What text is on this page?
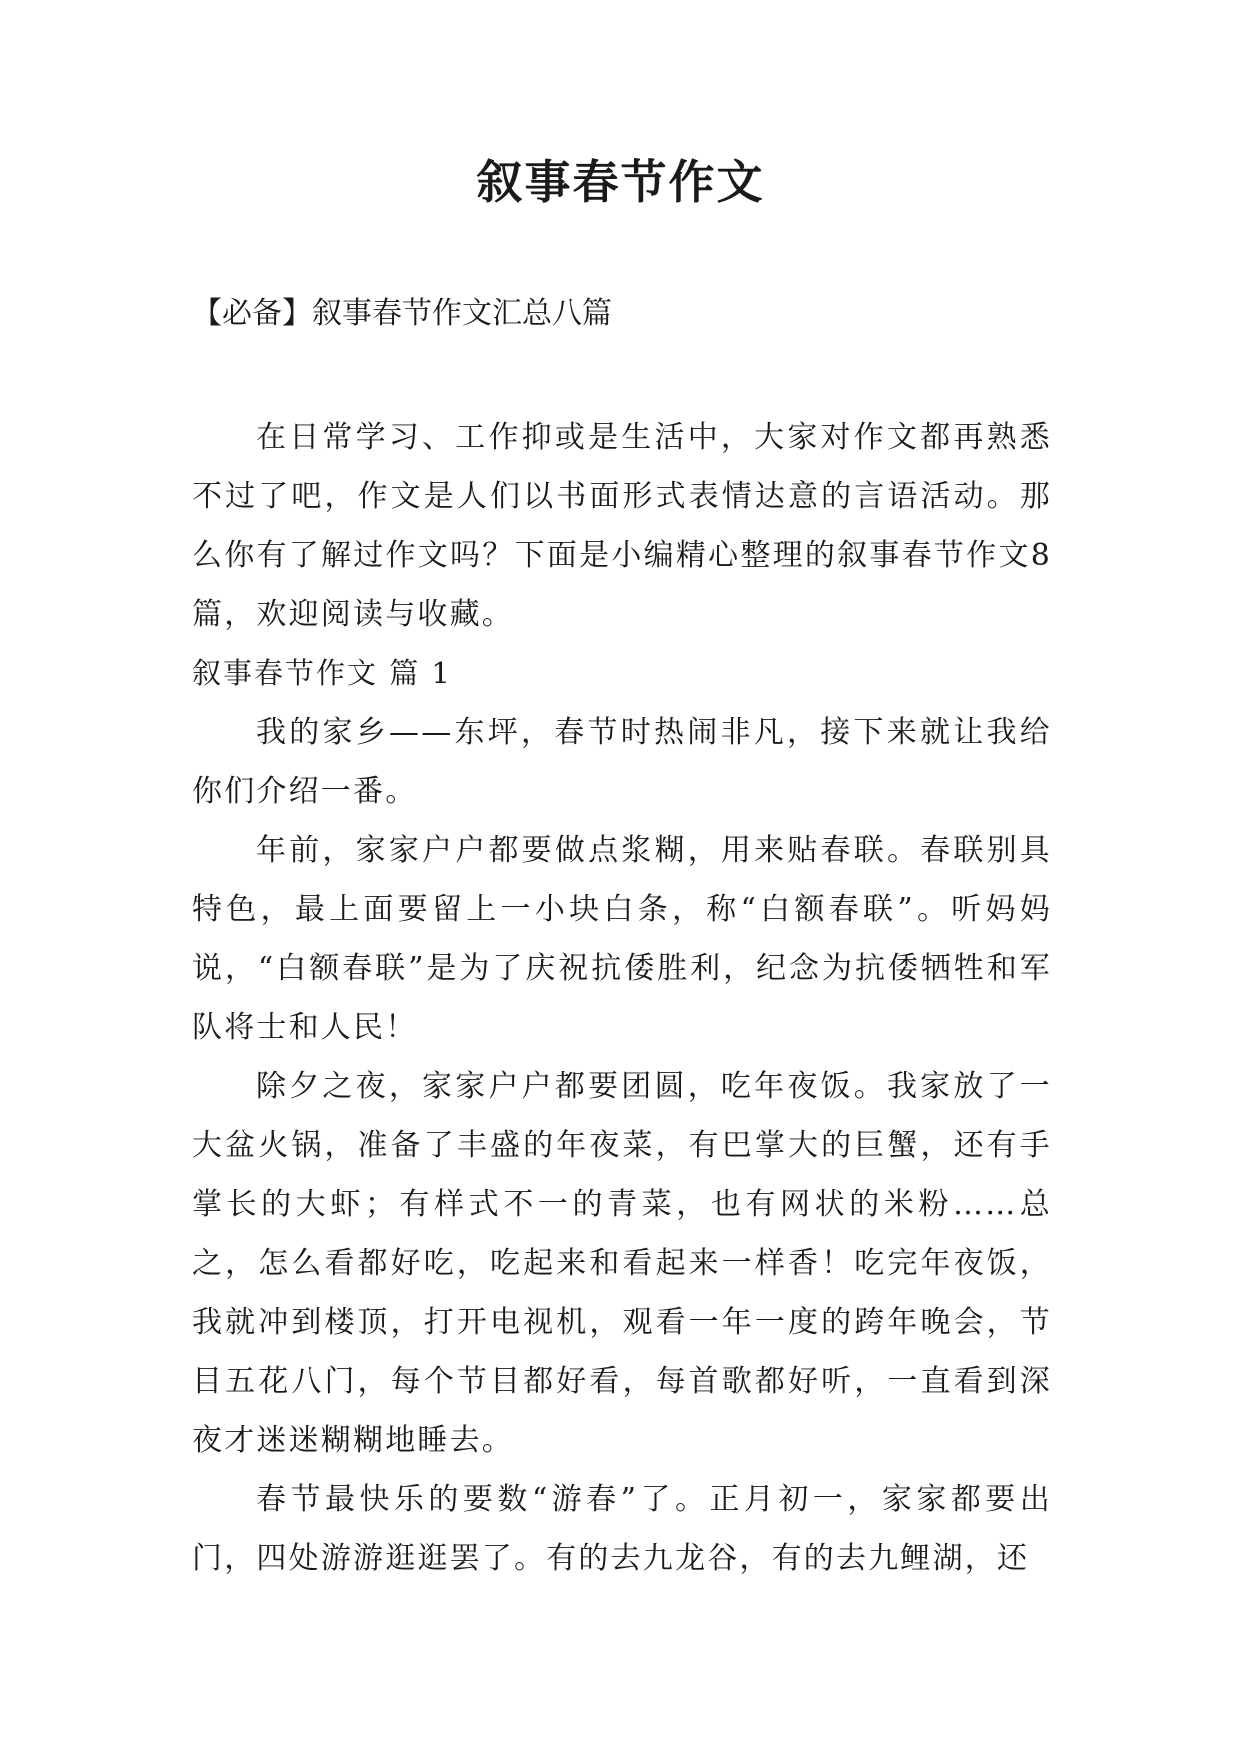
叙事春节作文

【必备】叙事春节作文汇总八篇

在日常学习、工作抑或是生活中，大家对作文都再熟悉不过了吧，作文是人们以书面形式表情达意的言语活动。那么你有了解过作文吗？下面是小编精心整理的叙事春节作文8篇，欢迎阅读与收藏。

叙事春节作文 篇 1

我的家乡——东坪，春节时热闹非凡，接下来就让我给你们介绍一番。

年前，家家户户都要做点浆糊，用来贴春联。春联别具特色，最上面要留上一小块白条，称“白额春联”。听妈妈说，“白额春联”是为了庆祝抗倭胜利，纪念为抗倭牺牲和军队将士和人民！

除夕之夜，家家户户都要团圆，吃年夜饭。我家放了一大盆火锅，准备了丰盛的年夜菜，有巴掌大的巨蟹，还有手掌长的大虾；有样式不一的青菜，也有网状的米粉……总之，怎么看都好吃，吃起来和看起来一样香！吃完年夜饭，我就冲到楼顶，打开电视机，观看一年一度的跨年晚会，节目五花八门，每个节目都好看，每首歌都好听，一直看到深夜才迷迷糊糊地睡去。

春节最快乐的要数“游春”了。正月初一，家家都要出门，四处游游逛逛罢了。有的去九龙谷，有的去九鲤湖，还
